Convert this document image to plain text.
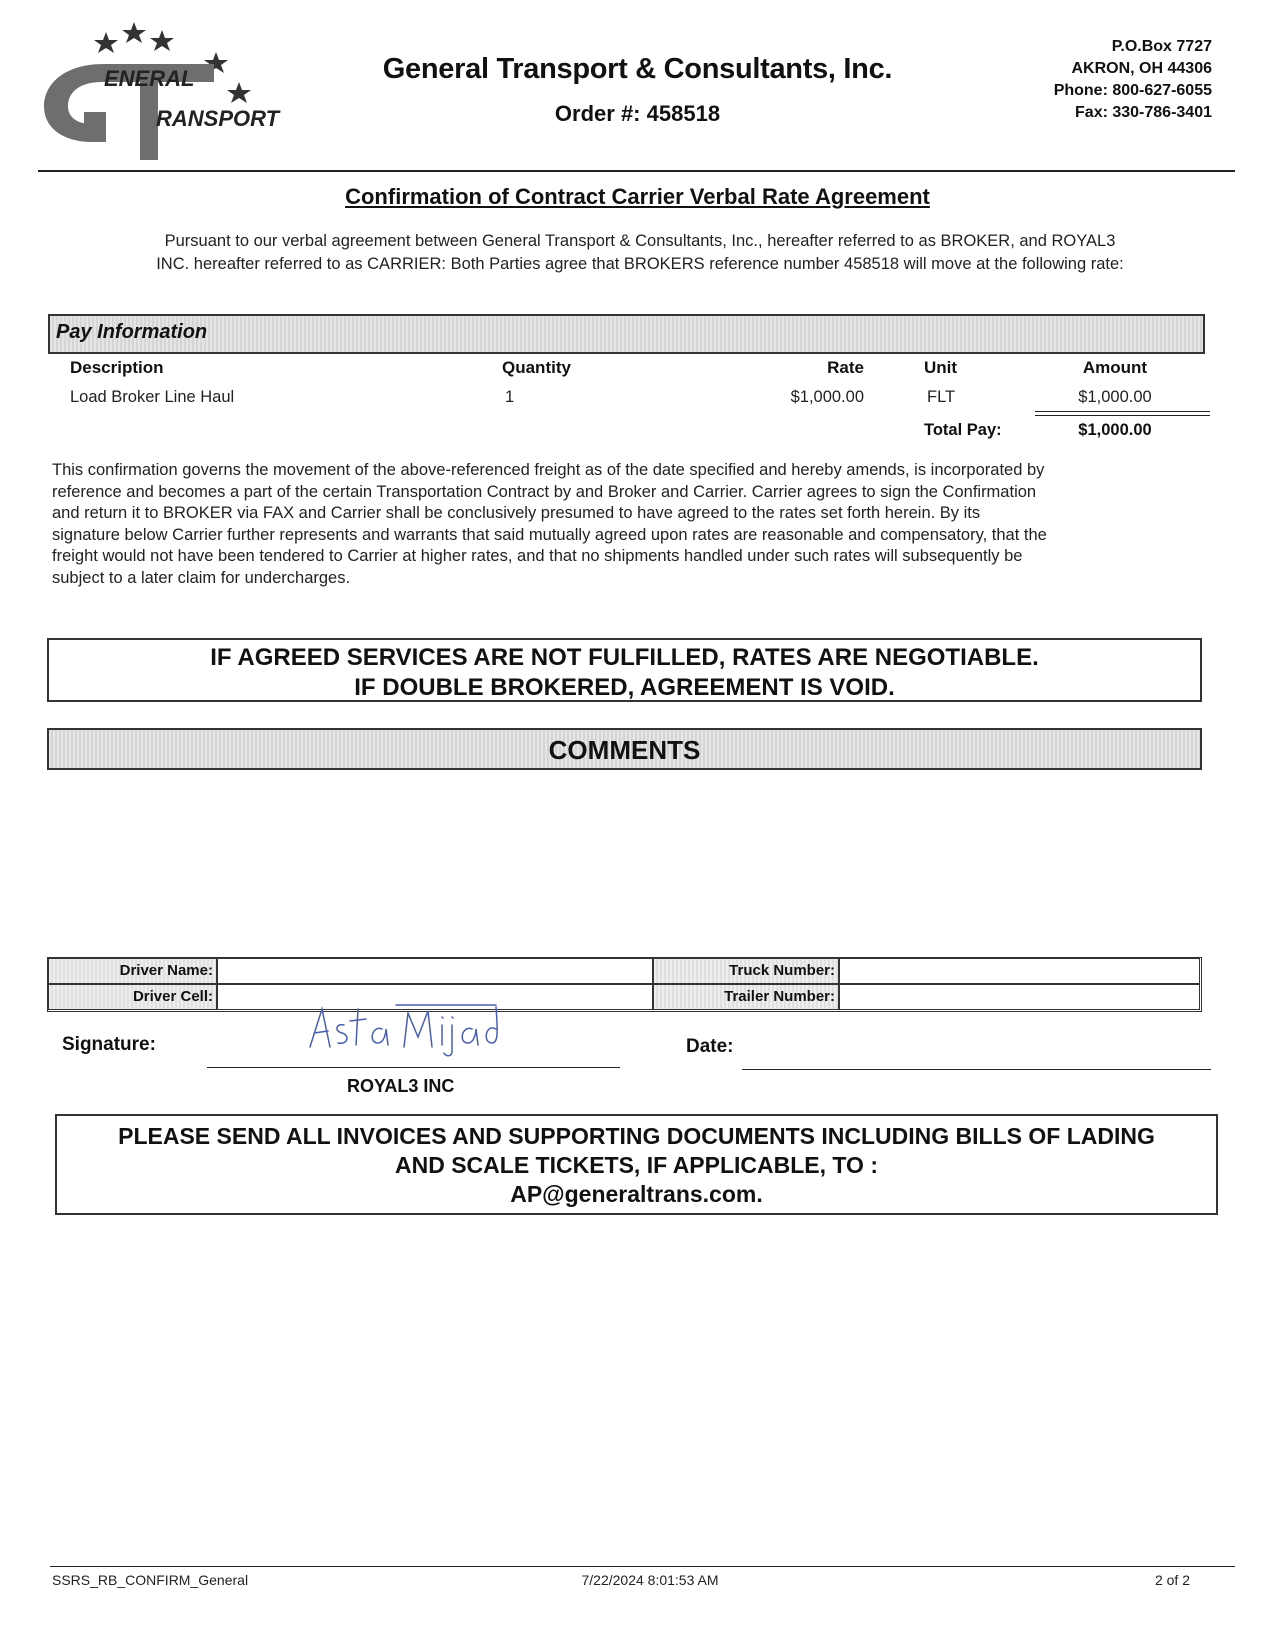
ENERAL
RANSPORT
General Transport & Consultants, Inc.
Order #: 458518
P.O.Box 7727
AKRON, OH 44306
Phone: 800-627-6055
Fax: 330-786-3401
Confirmation of Contract Carrier Verbal Rate Agreement
Pursuant to our verbal agreement between General Transport & Consultants, Inc., hereafter referred to as BROKER, and ROYAL3
INC. hereafter referred to as CARRIER: Both Parties agree that BROKERS reference number 458518 will move at the following rate:
Pay Information
Description	Quantity	Rate	Unit	Amount
Load Broker Line Haul	1	$1,000.00	FLT	$1,000.00
Total Pay:	$1,000.00
This confirmation governs the movement of the above-referenced freight as of the date specified and hereby amends, is incorporated by
reference and becomes a part of the certain Transportation Contract by and Broker and Carrier. Carrier agrees to sign the Confirmation
and return it to BROKER via FAX and Carrier shall be conclusively presumed to have agreed to the rates set forth herein. By its
signature below Carrier further represents and warrants that said mutually agreed upon rates are reasonable and compensatory, that the
freight would not have been tendered to Carrier at higher rates, and that no shipments handled under such rates will subsequently be
subject to a later claim for undercharges.
IF AGREED SERVICES ARE NOT FULFILLED, RATES ARE NEGOTIABLE.
IF DOUBLE BROKERED, AGREEMENT IS VOID.
COMMENTS
Driver Name:	Truck Number:
Driver Cell:	Trailer Number:
Signature:
ROYAL3 INC
Date:
PLEASE SEND ALL INVOICES AND SUPPORTING DOCUMENTS INCLUDING BILLS OF LADING
AND SCALE TICKETS, IF APPLICABLE, TO :
AP@generaltrans.com.
SSRS_RB_CONFIRM_General	7/22/2024 8:01:53 AM	2 of 2
